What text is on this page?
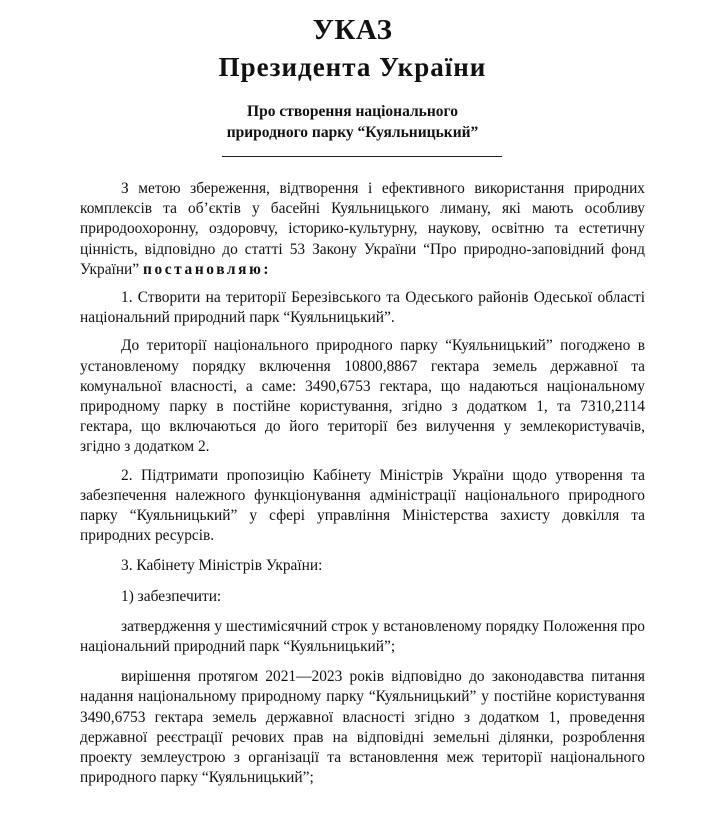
УКАЗ
Президента України
Про створення національного
природного парку “Куяльницький”

З метою збереження, відтворення і ефективного використання природних комплексів та об’єктів у басейні Куяльницького лиману, які мають особливу природоохоронну, оздоровчу, історико-культурну, наукову, освітню та естетичну цінність, відповідно до статті 53 Закону України “Про природно-заповідний фонд України” постановляю:

1. Створити на території Березівського та Одеського районів Одеської області національний природний парк “Куяльницький”.

До території національного природного парку “Куяльницький” погоджено в установленому порядку включення 10800,8867 гектара земель державної та комунальної власності, а саме: 3490,6753 гектара, що надаються національному природному парку в постійне користування, згідно з додатком 1, та 7310,2114 гектара, що включаються до його території без вилучення у землекористувачів, згідно з додатком 2.

2. Підтримати пропозицію Кабінету Міністрів України щодо утворення та забезпечення належного функціонування адміністрації національного природного парку “Куяльницький” у сфері управління Міністерства захисту довкілля та природних ресурсів.

3. Кабінету Міністрів України:

1) забезпечити:

затвердження у шестимісячний строк у встановленому порядку Положення про національний природний парк “Куяльницький”;

вирішення протягом 2021—2023 років відповідно до законодавства питання надання національному природному парку “Куяльницький” у постійне користування 3490,6753 гектара земель державної власності згідно з додатком 1, проведення державної реєстрації речових прав на відповідні земельні ділянки, розроблення проекту землеустрою з організації та встановлення меж території національного природного парку “Куяльницький”;
